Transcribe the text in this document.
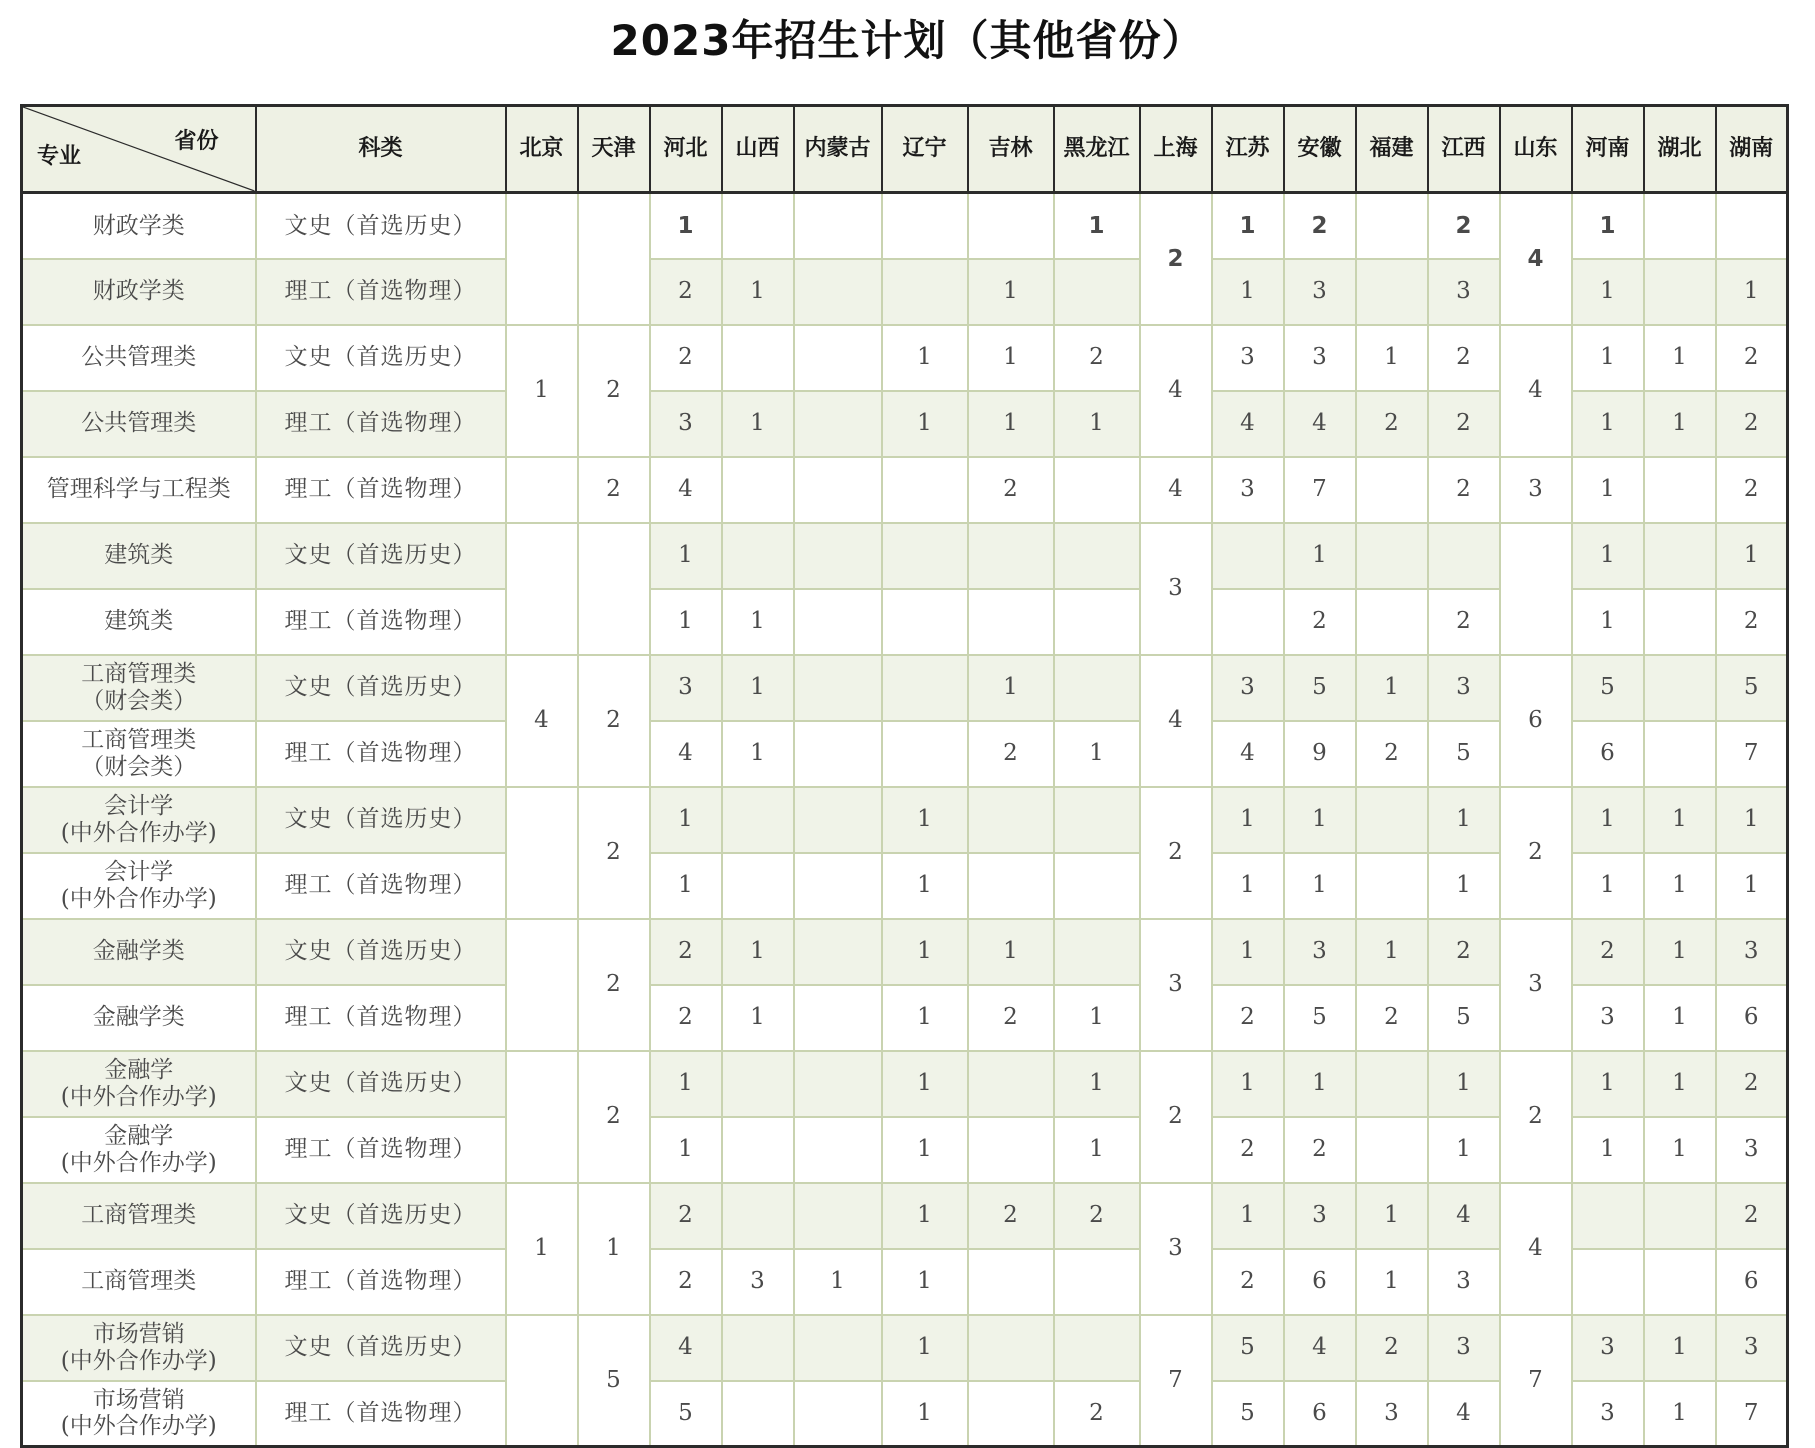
2023年招生计划（其他省份）
专业
省份	科类	北京	天津	河北	山西	内蒙古	辽宁	吉林	黑龙江	上海	江苏	安徽	福建	江西	山东	河南	湖北	湖南
财政学类	文史（首选历史）			1					1	2	1	2		2	4	1		
财政学类	理工（首选物理）			2	1			1			1	3		3		1		1
公共管理类	文史（首选历史）	1	2	2			1	1	2	4	3	3	1	2	4	1	1	2
公共管理类	理工（首选物理）			3	1		1	1	1		4	4	2	2		1	1	2
管理科学与工程类	理工（首选物理）		2	4				2		4	3	7		2	3	1		2
建筑类	文史（首选历史）			1						3		1				1		1
建筑类	理工（首选物理）			1	1							2		2		1		2
工商管理类
（财会类）	文史（首选历史）	4	2	3	1			1		4	3	5	1	3	6	5		5
工商管理类
（财会类）	理工（首选物理）			4	1			2	1		4	9	2	5		6		7
会计学
(中外合作办学)	文史（首选历史）		2	1			1			2	1	1		1	2	1	1	1
会计学
(中外合作办学)	理工（首选物理）			1			1				1	1		1		1	1	1
金融学类	文史（首选历史）		2	2	1		1	1		3	1	3	1	2	3	2	1	3
金融学类	理工（首选物理）			2	1		1	2	1		2	5	2	5		3	1	6
金融学
(中外合作办学)	文史（首选历史）		2	1			1		1	2	1	1		1	2	1	1	2
金融学
(中外合作办学)	理工（首选物理）			1			1		1		2	2		1		1	1	3
工商管理类	文史（首选历史）	1	1	2			1	2	2	3	1	3	1	4	4			2
工商管理类	理工（首选物理）			2	3	1	1				2	6	1	3				6
市场营销
(中外合作办学)	文史（首选历史）		5	4			1			7	5	4	2	3	7	3	1	3
市场营销
(中外合作办学)	理工（首选物理）			5			1		2		5	6	3	4		3	1	7
